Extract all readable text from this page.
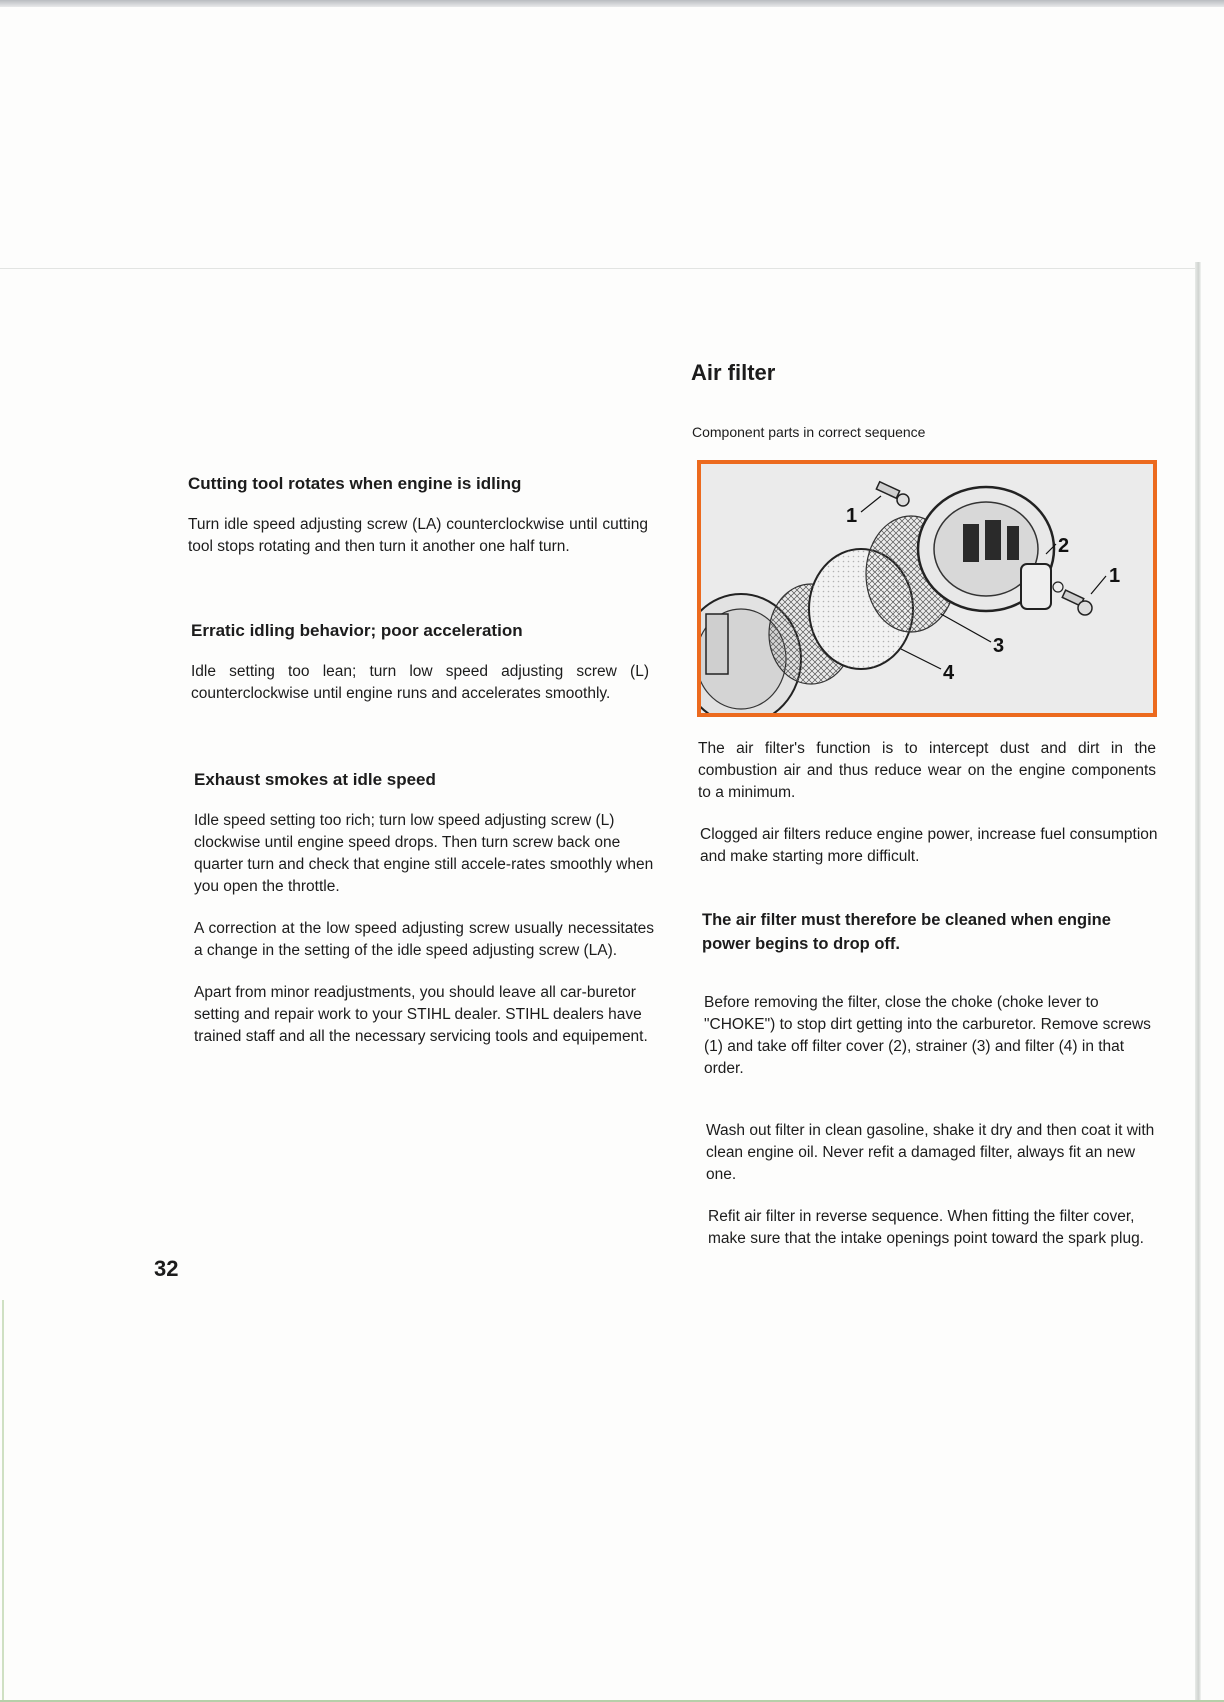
Cutting tool rotates when engine is idling

Turn idle speed adjusting screw (LA) counterclockwise until cutting tool stops rotating and then turn it another one half turn.

Erratic idling behavior; poor acceleration

Idle setting too lean; turn low speed adjusting screw (L) counterclockwise until engine runs and accelerates smoothly.

Exhaust smokes at idle speed

Idle speed setting too rich; turn low speed adjusting screw (L) clockwise until engine speed drops. Then turn screw back one quarter turn and check that engine still accele-rates smoothly when you open the throttle.

A correction at the low speed adjusting screw usually necessitates a change in the setting of the idle speed adjusting screw (LA).

Apart from minor readjustments, you should leave all car-buretor setting and repair work to your STIHL dealer. STIHL dealers have trained staff and all the necessary servicing tools and equipement.

32

Air filter

Component parts in correct sequence

1
2
1
3
4

The air filter's function is to intercept dust and dirt in the combustion air and thus reduce wear on the engine components to a minimum.

Clogged air filters reduce engine power, increase fuel consumption and make starting more difficult.

The air filter must therefore be cleaned when engine power begins to drop off.

Before removing the filter, close the choke (choke lever to "CHOKE") to stop dirt getting into the carburetor. Remove screws (1) and take off filter cover (2), strainer (3) and filter (4) in that order.

Wash out filter in clean gasoline, shake it dry and then coat it with clean engine oil. Never refit a damaged filter, always fit an new one.

Refit air filter in reverse sequence. When fitting the filter cover, make sure that the intake openings point toward the spark plug.
